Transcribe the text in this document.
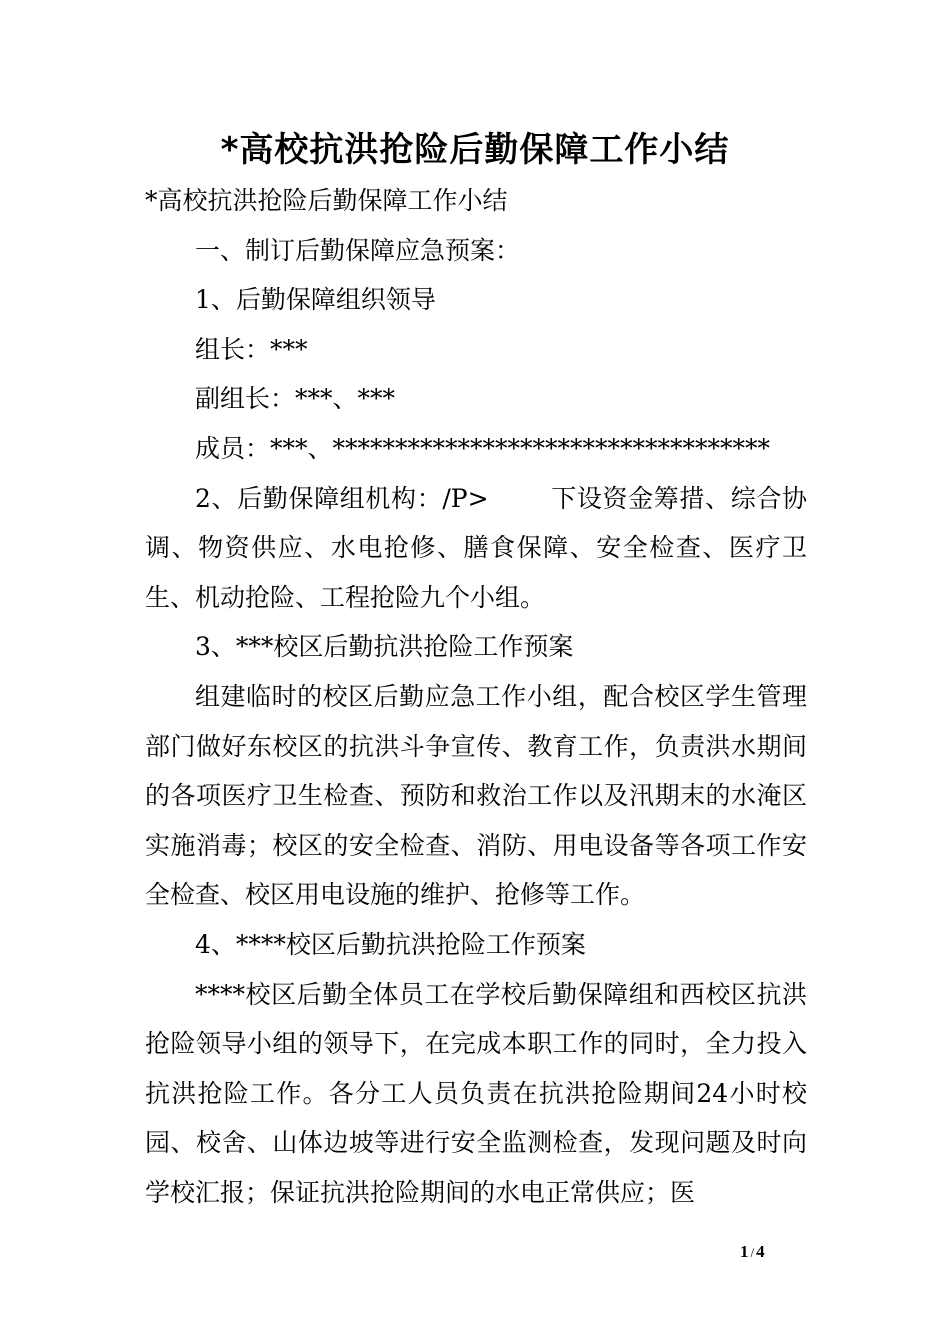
*高校抗洪抢险后勤保障工作小结

*高校抗洪抢险后勤保障工作小结

一、制订后勤保障应急预案：

1、后勤保障组织领导

组长：***

副组长：***、***

成员：***、***********************************

2、后勤保障组机构：/P> 下设资金筹措、综合协调、物资供应、水电抢修、膳食保障、安全检查、医疗卫生、机动抢险、工程抢险九个小组。

3、***校区后勤抗洪抢险工作预案

组建临时的校区后勤应急工作小组，配合校区学生管理部门做好东校区的抗洪斗争宣传、教育工作，负责洪水期间的各项医疗卫生检查、预防和救治工作以及汛期末的水淹区实施消毒；校区的安全检查、消防、用电设备等各项工作安全检查、校区用电设施的维护、抢修等工作。

4、****校区后勤抗洪抢险工作预案

****校区后勤全体员工在学校后勤保障组和西校区抗洪抢险领导小组的领导下，在完成本职工作的同时，全力投入抗洪抢险工作。各分工人员负责在抗洪抢险期间24小时校园、校舍、山体边坡等进行安全监测检查，发现问题及时向学校汇报；保证抗洪抢险期间的水电正常供应；医

1 / 4
